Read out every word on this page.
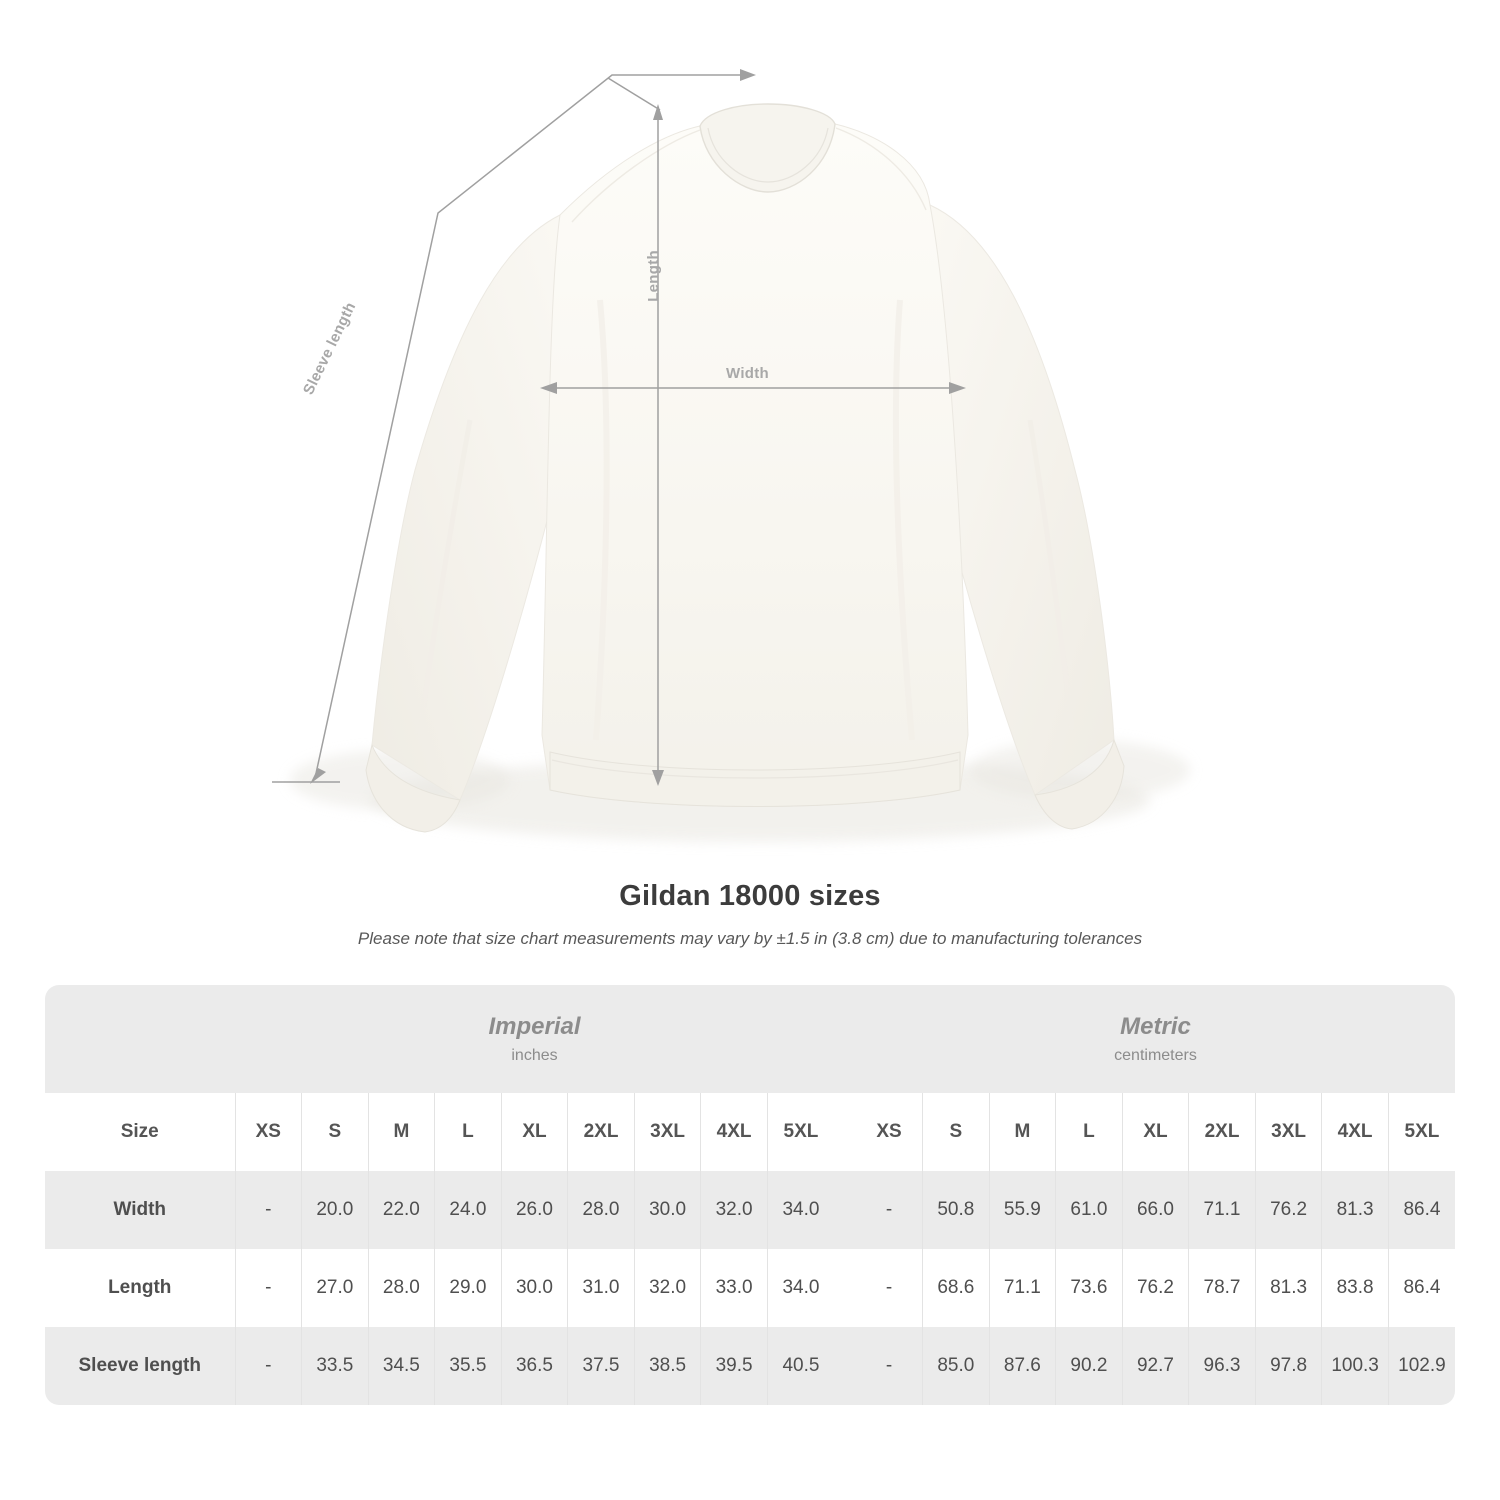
Width
Length
Sleeve length
Gildan 18000 sizes

Please note that size chart measurements may vary by ±1.5 in (3.8 cm) due to manufacturing tolerances

	Imperial
inches										Metric
centimeters								

Size	XS	S	M	L	XL	2XL	3XL	4XL	5XL		XS	S	M	L	XL	2XL	3XL	4XL	5XL
Width	-	20.0	22.0	24.0	26.0	28.0	30.0	32.0	34.0		-	50.8	55.9	61.0	66.0	71.1	76.2	81.3	86.4
Length	-	27.0	28.0	29.0	30.0	31.0	32.0	33.0	34.0		-	68.6	71.1	73.6	76.2	78.7	81.3	83.8	86.4
Sleeve length	-	33.5	34.5	35.5	36.5	37.5	38.5	39.5	40.5		-	85.0	87.6	90.2	92.7	96.3	97.8	100.3	102.9
